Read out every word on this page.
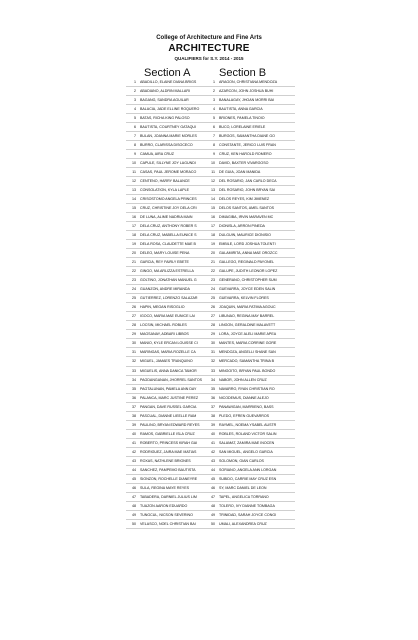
College of Architecture and Fine Arts
ARCHITECTURE
QUALIFIERS for S.Y. 2014 - 2015
Section A	Section B
1 ABADILLO, ELAINE DIANA BRIGS
2 ABADIANO, ALDRIN MALLARI
3 BAGANG, SANDRA AGUILAR
4 BALACIA, JADE ELLINE ROQUERO
5 BATAS, RICHA KING PALOSO
6 BAUTISTA, COURTNEY GATAQUI
7 BULAN, JOANNA MARIE MORLES
8 BURRO, CLARISSA DISOCECO
9 CAMUA, AIRA CRUZ
10 CAPULE, SILLYNE JOY LAGUNDI
11 CASAS, PAUL JEROME MORACO
12 CENTENO, HARRY BALANCE
13 CONSOLATION, KYLA LAPLE
14 CRISOSTOMO ANGELA PRINCES
15 CRUZ, CHRISTINE JOY DELA CRI
16 DE LUNA, ALIME NADRIA MAIN
17 DELA CRUZ, ANTHONY ROBER S
18 DELA CRUZ, MABELLA EUNICE S
19 DELA ROSA, CLAUDETTE MAE B
20 DELEO, MARY LOUISE PENA
21 GARCIA, REY FAIRLY EBETE
22 GINGO, MA ARLIZZA ESTRELLA
23 GOLTINO, JONATHAN MANUEL G
24 GUANZON, ANDRE MIRANDA
25 GUTIERREZ, LORENZO SALAZAR
26 HAPIN, MEGAN RISOGLIO
27 IGOCO, MARIA MAE EUNICE LAI
28 LOCSIN, MICHAEL ROBLES
29 MAGSANAY, ADBARI LIBBOS
30 MANIO, KYLE ERCAN LOUISSE CI
31 MARINGAS, MARIA ROZELLE CA
32 MIGUEL, JAMAES TRANQUINO
33 MIGUELIS, ANNA DANICA TAMOR
34 PAGDANGANAN, JHORREL SANTOS
35 PAGTALUNAN, PAMELA ANN DAY
36 PALANCA, MARC JUSTINE PEREZ
37 PANGAN, DAVE RUSSEL GARCIA
38 PASCUAL, DIANNE LIEELLE RAM
39 PAULINO, BRYAN EDWARD REYES
40 RAMOS, GABRIELLE ISLA CRUZ
41 ROBERTO, PRINCESS KIRAH GAI
42 RODRIGUEZ, JAIRA MAE MATIAS
43 ROXAS, NATHLENE BRIONES
44 SANCHEZ, PAMPEMO BAUTISTA
45 SIONZON, ROCHELLE DIANEYRE
46 SULA, REGINA MAYE REYES
47 TABADERA, DARNIEL JULIUS LIM
48 TUAZON AARON EDUARDO
49 TUNGCUL, NICSON SEVERINO
50 VELASCO, NOEL CHRISTIAN BAI
1 ARAGON, CHRISTIANA MENDOZA
2 AZARCON, JOHN JOSHUA BUHI
3 BANALAGAY, JHOAN MORRI BAI
4 BAUTISTA, ANNA GARCIA
5 BRIONES, PAMELA TINOIO
6 BUCO, LORELAINE ERIELE
7 BURGOS, SAMANTHA DIANE GO
8 CONSTANTE, JERICO LUIS FRAN
9 CRUZ, KEN HAROLD ROMERO
10 DAVID, BAXTER VIVARGOSO
11 DE GUIA, JOAN MANIDA
12 DEL ROSARIO, JAN CARLO DECA
13 DEL ROSARIO, JOHN BRYAN SAI
14 DELOS REYES, KIM JIMENEZ
15 DELOS SANTOS, AMEL SANTOS
16 DIMAGIBA, IRVIN MARAVEN MC
17 DIONISLA, ARRON PINEDA
18 DULGUIN, MAURICE DIONISIO
19 EMBILE, LORD JOSHUA TOLENTI
20 GALAMIRITA, ANNA MAE OROZCC
21 GALLEGO, REGINALD PAYONEL
22 GALUPE, JUDITH LEONOR LOPEZ
23 GENERANO, CHRISTOPHER SUM
24 GUEVARRA, JOYCE EDEN SALIN
25 GUEVARRA, KELVIN FLORES
26 JOAQUIN, MARIA FATIMA AGOUC
27 LIBUNAO, REGINA MAY BARREL
28 LINGON, GERALDINE MALAVETT
29 LORA, JOYCE ALELI MARIE APEA
30 MANTES, MARIA CORRINE GORE
31 MENDOZA, ANGELLI SHANE SAN
32 MERCADO, SAMANTHA TRINA B
33 MINGOITO, BRYAN PAUL BONDO
34 NABOR, JOHN ALLEN CRUZ
35 NAVARRO, RYAN CHRISTIAN RO
36 NICODEMUS, DIANNE ALEJO
37 PANAWIGAN, MARRIENO, BASS
38 PLEDO, EFREN GUEVARROS
39 RAYMEL, NOEMA YSABEL AUSTR
40 ROBLES, ROLAND VICTOR SALIN
41 SALAMAT, ZAMIRA MAE INOCEN
42 SAN MIGUEL, ANGELO GARCIA
43 SOLOMON, GIAN CARLOS
44 SORIANO, ANGELA ANN LORGAN
45 SUBIDO, CARRIE MAY CRUZ ESN
46 SY, MARC DANIEL DE LEON
47 TAPEL, ANGELICA TORRANO
48 TOLERO, IVY DIANNE TOMBAGA
49 TRINIDAD, SARAH JOYCE CONGI
50 UMALI, ALEXANDREA CRUZ
